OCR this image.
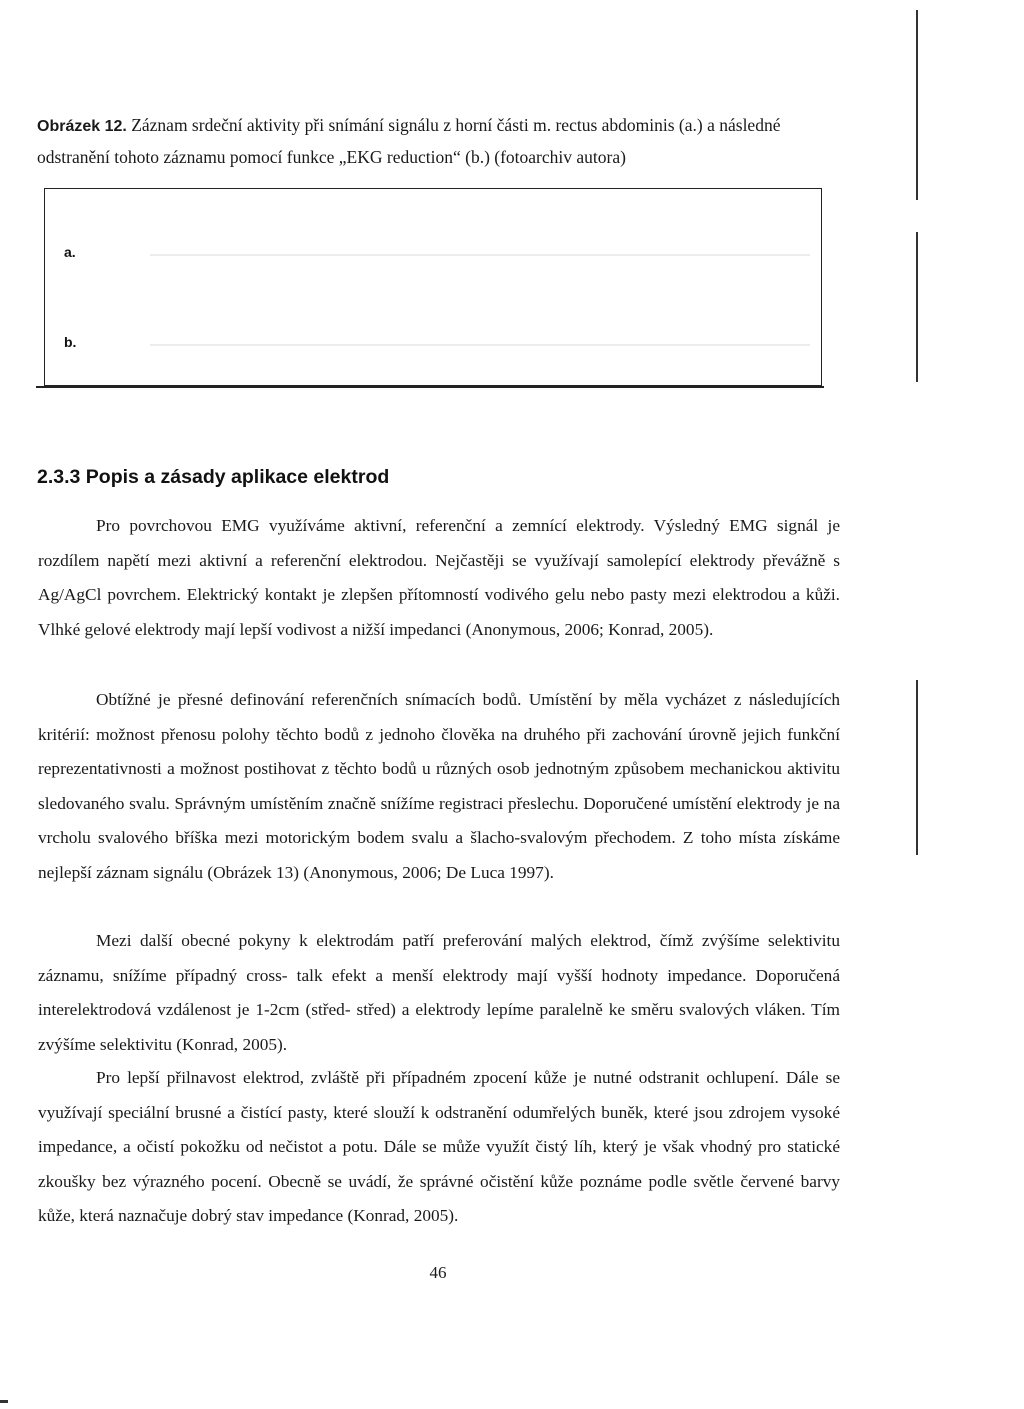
Obrázek 12. Záznam srdeční aktivity při snímání signálu z horní části m. rectus abdominis (a.) a následné odstranění tohoto záznamu pomocí funkce „EKG reduction“ (b.) (fotoarchiv autora)
a.
b.
2.3.3 Popis a zásady aplikace elektrod

Pro povrchovou EMG využíváme aktivní, referenční a zemnící elektrody. Výsledný EMG signál je rozdílem napětí mezi aktivní a referenční elektrodou. Nejčastěji se využívají samolepící elektrody převážně s Ag/AgCl povrchem. Elektrický kontakt je zlepšen přítomností vodivého gelu nebo pasty mezi elektrodou a kůži. Vlhké gelové elektrody mají lepší vodivost a nižší impedanci (Anonymous, 2006; Konrad, 2005).

Obtížné je přesné definování referenčních snímacích bodů. Umístění by měla vycházet z následujících kritérií: možnost přenosu polohy těchto bodů z jednoho člověka na druhého při zachování úrovně jejich funkční reprezentativnosti a možnost postihovat z těchto bodů u různých osob jednotným způsobem mechanickou aktivitu sledovaného svalu. Správným umístěním značně snížíme registraci přeslechu. Doporučené umístění elektrody je na vrcholu svalového bříška mezi motorickým bodem svalu a šlacho-svalovým přechodem. Z toho místa získáme nejlepší záznam signálu (Obrázek 13) (Anonymous, 2006; De Luca 1997).

Mezi další obecné pokyny k elektrodám patří preferování malých elektrod, čímž zvýšíme selektivitu záznamu, snížíme případný cross- talk efekt a menší elektrody mají vyšší hodnoty impedance. Doporučená interelektrodová vzdálenost je 1-2cm (střed- střed) a elektrody lepíme paralelně ke směru svalových vláken. Tím zvýšíme selektivitu (Konrad, 2005).

Pro lepší přilnavost elektrod, zvláště při případném zpocení kůže je nutné odstranit ochlupení. Dále se využívají speciální brusné a čistící pasty, které slouží k odstranění odumřelých buněk, které jsou zdrojem vysoké impedance, a očistí pokožku od nečistot a potu. Dále se může využít čistý líh, který je však vhodný pro statické zkoušky bez výrazného pocení. Obecně se uvádí, že správné očistění kůže poznáme podle světle červené barvy kůže, která naznačuje dobrý stav impedance (Konrad, 2005).

46
